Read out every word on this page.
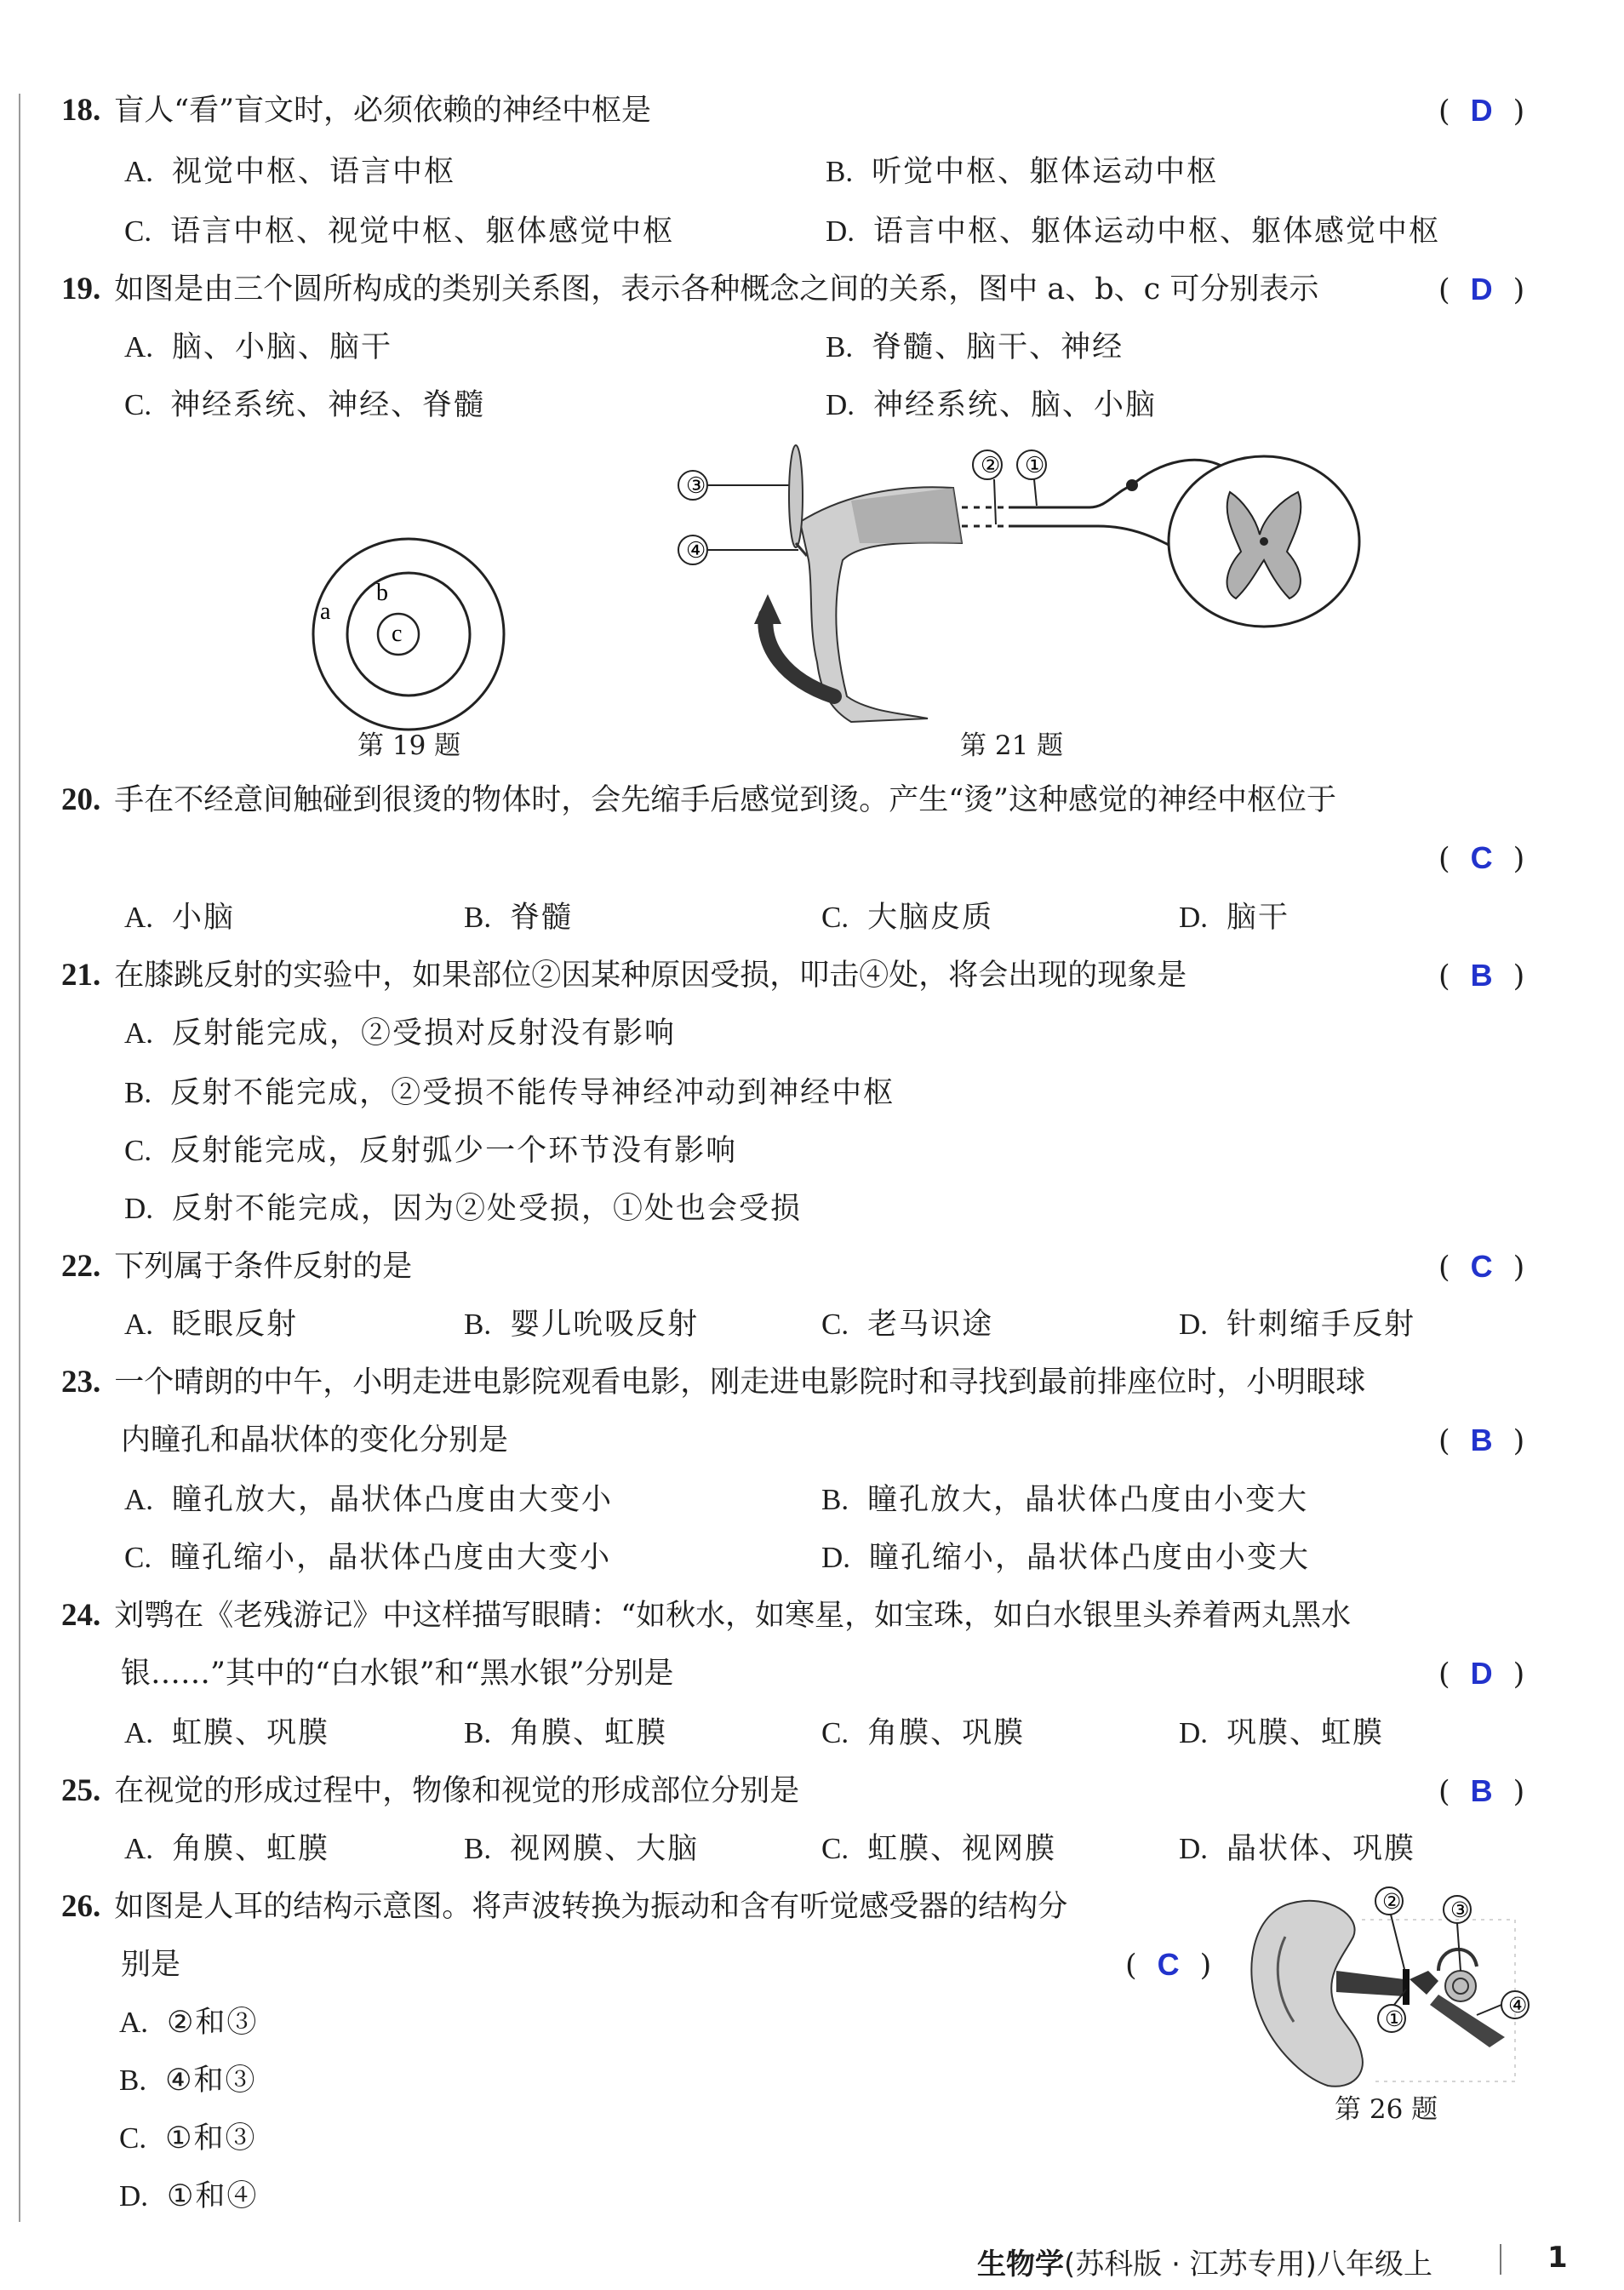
18. 盲人“看”盲文时，必须依赖的神经中枢是	( D )
A. 视觉中枢、语言中枢	B. 听觉中枢、躯体运动中枢
C. 语言中枢、视觉中枢、躯体感觉中枢	D. 语言中枢、躯体运动中枢、躯体感觉中枢
19. 如图是由三个圆所构成的类别关系图，表示各种概念之间的关系，图中 a、b、c 可分别表示	( D )
A. 脑、小脑、脑干	B. 脊髓、脑干、神经
C. 神经系统、神经、脊髓	D. 神经系统、脑、小脑
a
b
c
第 19 题
③
④
② ①
第 21 题
20. 手在不经意间触碰到很烫的物体时，会先缩手后感觉到烫。产生“烫”这种感觉的神经中枢位于
( C )
A. 小脑	B. 脊髓	C. 大脑皮质	D. 脑干
21. 在膝跳反射的实验中，如果部位②因某种原因受损，叩击④处，将会出现的现象是	( B )
A. 反射能完成，②受损对反射没有影响
B. 反射不能完成，②受损不能传导神经冲动到神经中枢
C. 反射能完成，反射弧少一个环节没有影响
D. 反射不能完成，因为②处受损，①处也会受损
22. 下列属于条件反射的是	( C )
A. 眨眼反射	B. 婴儿吮吸反射	C. 老马识途	D. 针刺缩手反射
23. 一个晴朗的中午，小明走进电影院观看电影，刚走进电影院时和寻找到最前排座位时，小明眼球
内瞳孔和晶状体的变化分别是	( B )
A. 瞳孔放大，晶状体凸度由大变小	B. 瞳孔放大，晶状体凸度由小变大
C. 瞳孔缩小，晶状体凸度由大变小	D. 瞳孔缩小，晶状体凸度由小变大
24. 刘鹗在《老残游记》中这样描写眼睛：“如秋水，如寒星，如宝珠，如白水银里头养着两丸黑水
银……”其中的“白水银”和“黑水银”分别是	( D )
A. 虹膜、巩膜	B. 角膜、虹膜	C. 角膜、巩膜	D. 巩膜、虹膜
25. 在视觉的形成过程中，物像和视觉的形成部位分别是	( B )
A. 角膜、虹膜	B. 视网膜、大脑	C. 虹膜、视网膜	D. 晶状体、巩膜
26. 如图是人耳的结构示意图。将声波转换为振动和含有听觉感受器的结构分
别是	( C )
A. ②和③
B. ④和③
C. ①和③
D. ①和④
② ③
①
④
第 26 题
生物学(苏科版 · 江苏专用)八年级上	1
